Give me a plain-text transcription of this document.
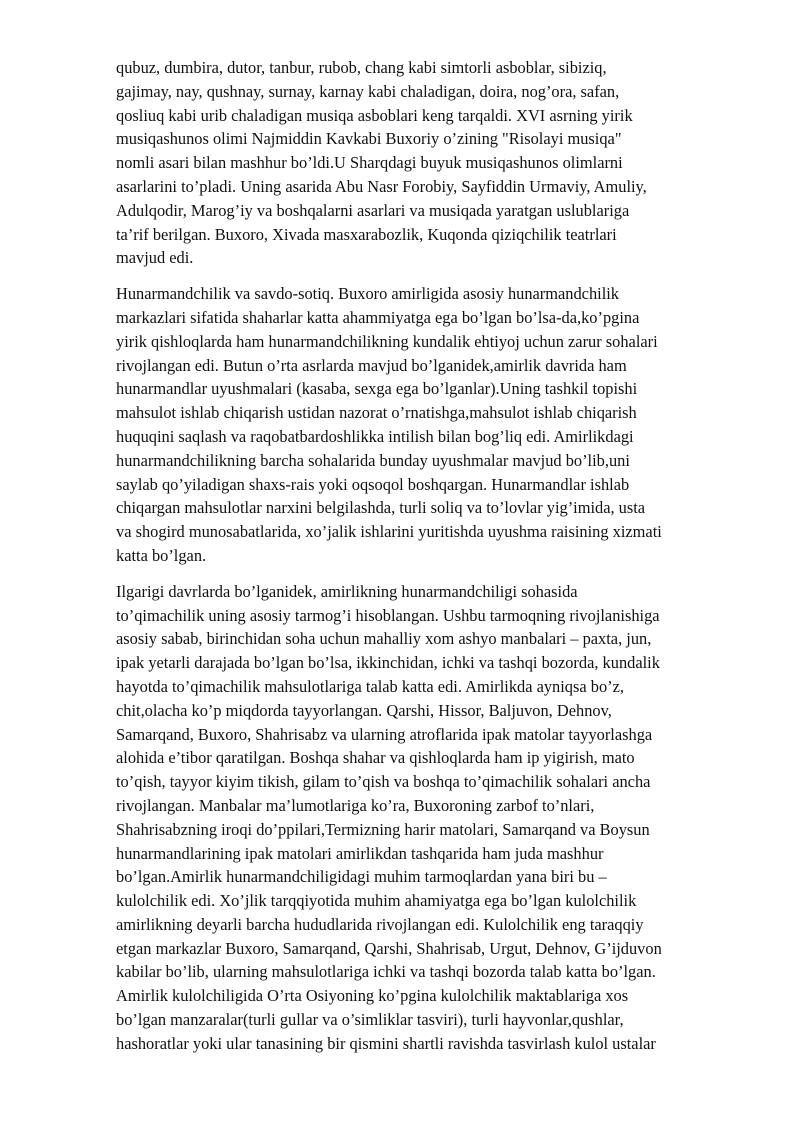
qubuz, dumbira, dutor, tanbur, rubob, chang kabi simtorli asboblar, sibiziq,
gajimay, nay, qushnay, surnay, karnay kabi chaladigan, doira, nog’ora, safan,
qosliuq kabi urib chaladigan musiqa asboblari keng tarqaldi. XVI asrning yirik
musiqashunos olimi Najmiddin Kavkabi Buxoriy o’zining "Risolayi musiqa"
nomli asari bilan mashhur bo’ldi.U Sharqdagi buyuk musiqashunos olimlarni
asarlarini to’pladi. Uning asarida Abu Nasr Forobiy, Sayfiddin Urmaviy, Amuliy,
Adulqodir, Marog’iy va boshqalarni asarlari va musiqada yaratgan uslublariga
ta’rif berilgan. Buxoro, Xivada masxarabozlik, Kuqonda qiziqchilik teatrlari
mavjud edi.

Hunarmandchilik va savdo-sotiq. Buxoro amirligida asosiy hunarmandchilik
markazlari sifatida shaharlar katta ahammiyatga ega bo’lgan bo’lsa-da,ko’pgina
yirik qishloqlarda ham hunarmandchilikning kundalik ehtiyoj uchun zarur sohalari
rivojlangan edi. Butun o’rta asrlarda mavjud bo’lganidek,amirlik davrida ham
hunarmandlar uyushmalari (kasaba, sexga ega bo’lganlar).Uning tashkil topishi
mahsulot ishlab chiqarish ustidan nazorat o’rnatishga,mahsulot ishlab chiqarish
huquqini saqlash va raqobatbardoshlikka intilish bilan bog’liq edi. Amirlikdagi
hunarmandchilikning barcha sohalarida bunday uyushmalar mavjud bo’lib,uni
saylab qo’yiladigan shaxs-rais yoki oqsoqol boshqargan. Hunarmandlar ishlab
chiqargan mahsulotlar narxini belgilashda, turli soliq va to’lovlar yig’imida, usta
va shogird munosabatlarida, xo’jalik ishlarini yuritishda uyushma raisining xizmati
katta bo’lgan.

Ilgarigi davrlarda bo’lganidek, amirlikning hunarmandchiligi sohasida
to’qimachilik uning asosiy tarmog’i hisoblangan. Ushbu tarmoqning rivojlanishiga
asosiy sabab, birinchidan soha uchun mahalliy xom ashyo manbalari – paxta, jun,
ipak yetarli darajada bo’lgan bo’lsa, ikkinchidan, ichki va tashqi bozorda, kundalik
hayotda to’qimachilik mahsulotlariga talab katta edi. Amirlikda ayniqsa bo’z,
chit,olacha ko’p miqdorda tayyorlangan. Qarshi, Hissor, Baljuvon, Dehnov,
Samarqand, Buxoro, Shahrisabz va ularning atroflarida ipak matolar tayyorlashga
alohida e’tibor qaratilgan. Boshqa shahar va qishloqlarda ham ip yigirish, mato
to’qish, tayyor kiyim tikish, gilam to’qish va boshqa to’qimachilik sohalari ancha
rivojlangan. Manbalar ma’lumotlariga ko’ra, Buxoroning zarbof to’nlari,
Shahrisabzning iroqi do’ppilari,Termizning harir matolari, Samarqand va Boysun
hunarmandlarining ipak matolari amirlikdan tashqarida ham juda mashhur
bo’lgan.Amirlik hunarmandchiligidagi muhim tarmoqlardan yana biri bu –
kulolchilik edi. Xo’jlik tarqqiyotida muhim ahamiyatga ega bo’lgan kulolchilik
amirlikning deyarli barcha hududlarida rivojlangan edi. Kulolchilik eng taraqqiy
etgan markazlar Buxoro, Samarqand, Qarshi, Shahrisab, Urgut, Dehnov, G’ijduvon
kabilar bo’lib, ularning mahsulotlariga ichki va tashqi bozorda talab katta bo’lgan.
Amirlik kulolchiligida O’rta Osiyoning ko’pgina kulolchilik maktablariga xos
bo’lgan manzaralar(turli gullar va o’simliklar tasviri), turli hayvonlar,qushlar,
hashoratlar yoki ular tanasining bir qismini shartli ravishda tasvirlash kulol ustalar
